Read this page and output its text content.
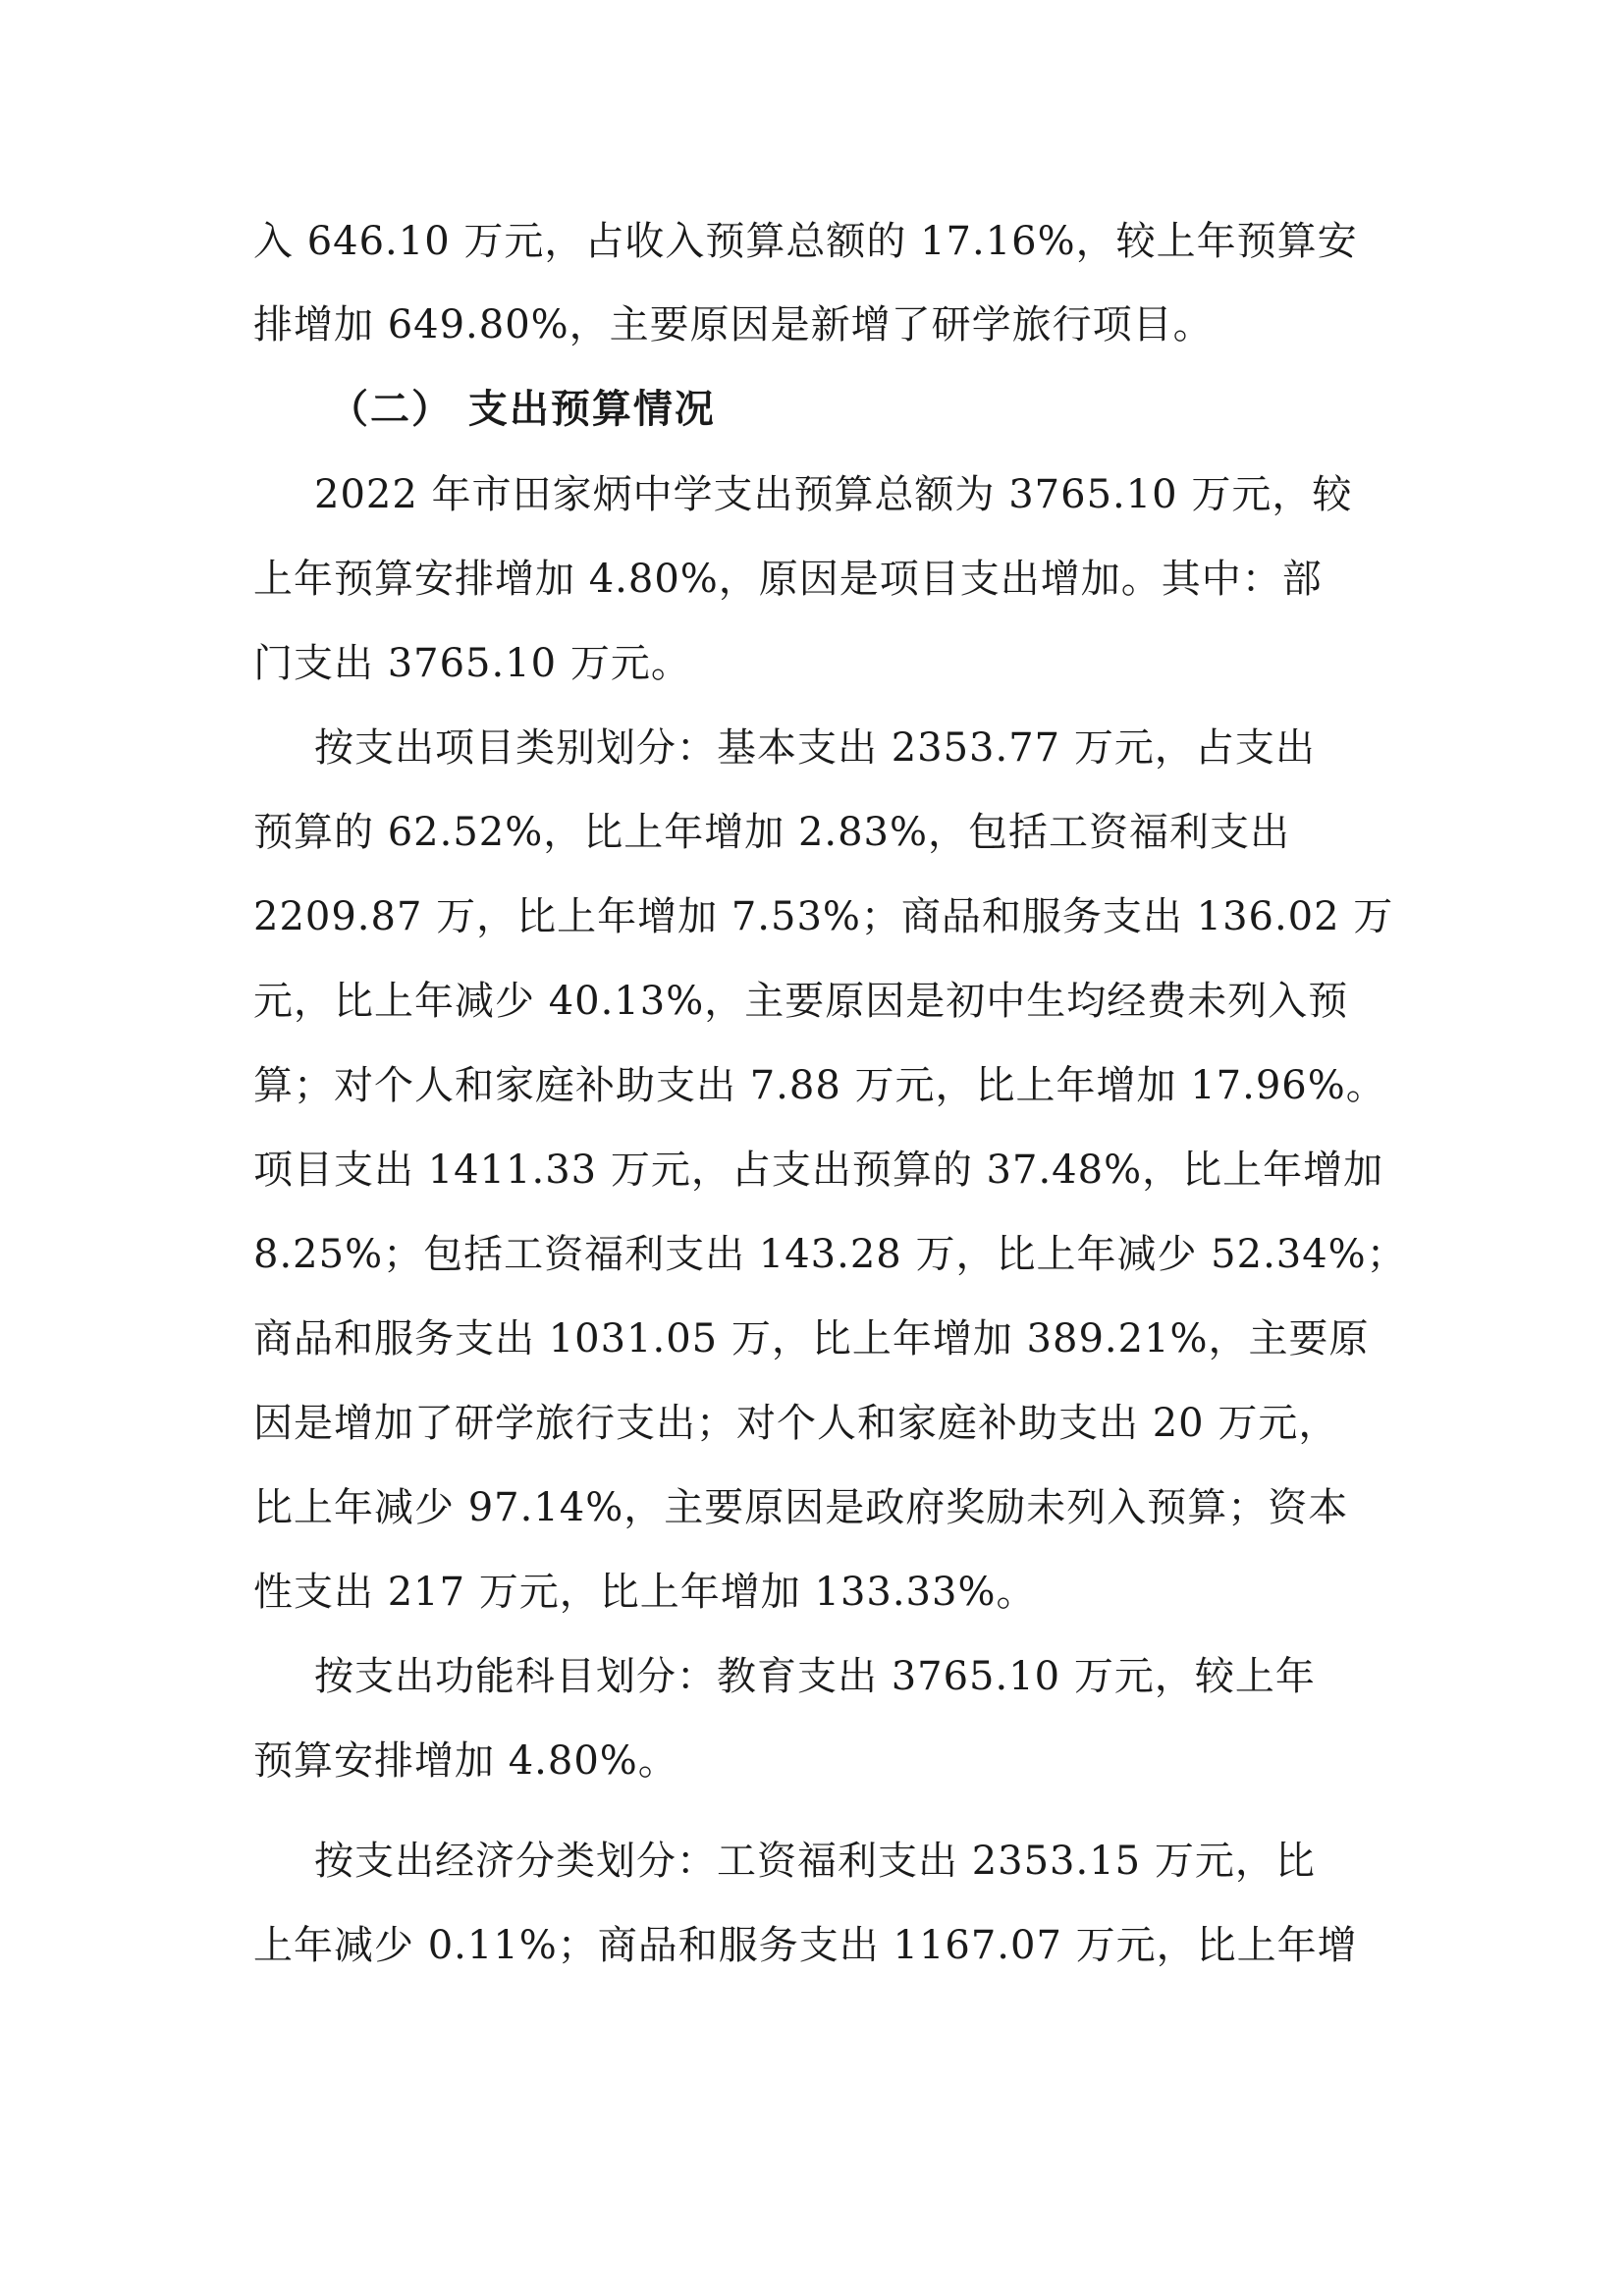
入 646.10 万元，占收入预算总额的 17.16%，较上年预算安
排增加 649.80%，主要原因是新增了研学旅行项目。
（二） 支出预算情况
2022 年市田家炳中学支出预算总额为 3765.10 万元，较
上年预算安排增加 4.80%，原因是项目支出增加。其中：部
门支出 3765.10 万元。
按支出项目类别划分：基本支出 2353.77 万元，占支出
预算的 62.52%，比上年增加 2.83%，包括工资福利支出
2209.87 万，比上年增加 7.53%；商品和服务支出 136.02 万
元，比上年减少 40.13%，主要原因是初中生均经费未列入预
算；对个人和家庭补助支出 7.88 万元，比上年增加 17.96%。
项目支出 1411.33 万元，占支出预算的 37.48%，比上年增加
8.25%；包括工资福利支出 143.28 万，比上年减少 52.34%；
商品和服务支出 1031.05 万，比上年增加 389.21%，主要原
因是增加了研学旅行支出；对个人和家庭补助支出 20 万元，
比上年减少 97.14%，主要原因是政府奖励未列入预算；资本
性支出 217 万元，比上年增加 133.33%。
按支出功能科目划分：教育支出 3765.10 万元，较上年
预算安排增加 4.80%。
按支出经济分类划分：工资福利支出 2353.15 万元，比
上年减少 0.11%；商品和服务支出 1167.07 万元，比上年增
